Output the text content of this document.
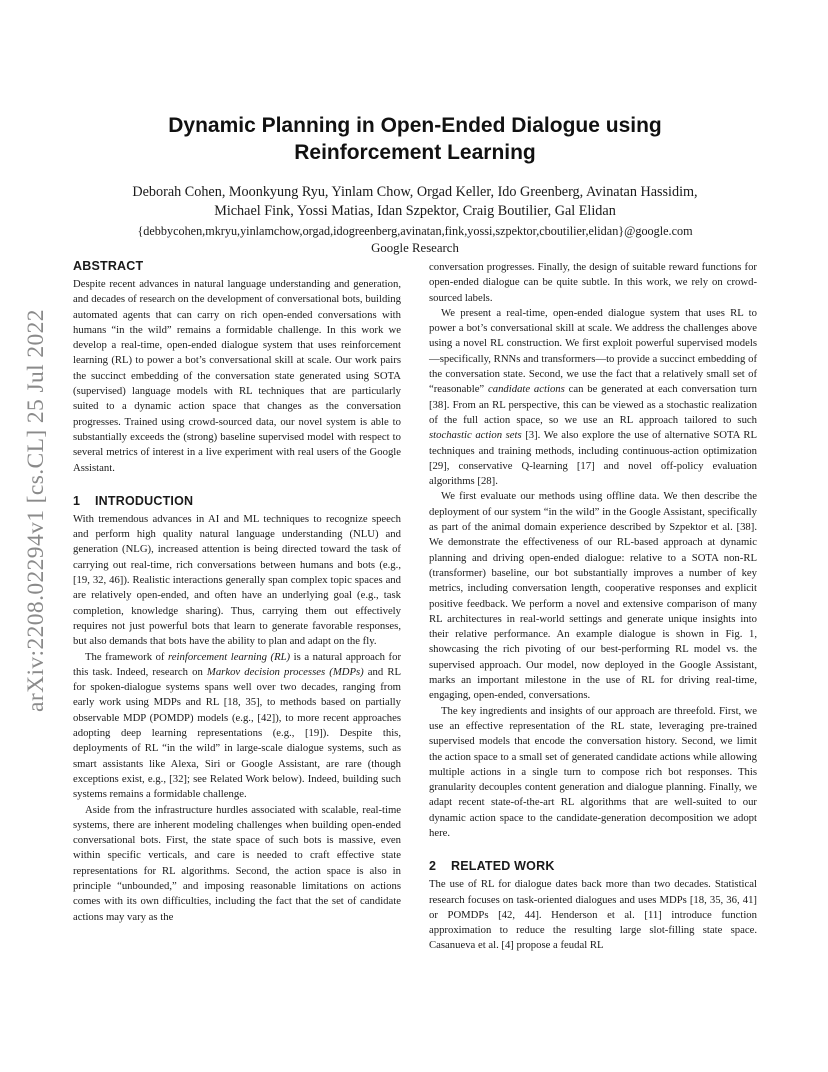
arXiv:2208.02294v1 [cs.CL] 25 Jul 2022
Dynamic Planning in Open-Ended Dialogue using
Reinforcement Learning
Deborah Cohen, Moonkyung Ryu, Yinlam Chow, Orgad Keller, Ido Greenberg, Avinatan Hassidim,
Michael Fink, Yossi Matias, Idan Szpektor, Craig Boutilier, Gal Elidan
{debbycohen,mkryu,yinlamchow,orgad,idogreenberg,avinatan,fink,yossi,szpektor,cboutilier,elidan}@google.com
Google Research
ABSTRACT

Despite recent advances in natural language understanding and generation, and decades of research on the development of conversational bots, building automated agents that can carry on rich open-ended conversations with humans “in the wild” remains a formidable challenge. In this work we develop a real-time, open-ended dialogue system that uses reinforcement learning (RL) to power a bot’s conversational skill at scale. Our work pairs the succinct embedding of the conversation state generated using SOTA (supervised) language models with RL techniques that are particularly suited to a dynamic action space that changes as the conversation progresses. Trained using crowd-sourced data, our novel system is able to substantially exceeds the (strong) baseline supervised model with respect to several metrics of interest in a live experiment with real users of the Google Assistant.

1 INTRODUCTION

With tremendous advances in AI and ML techniques to recognize speech and perform high quality natural language understanding (NLU) and generation (NLG), increased attention is being directed toward the task of carrying out real-time, rich conversations between humans and bots (e.g., [19, 32, 46]). Realistic interactions generally span complex topic spaces and are relatively open-ended, and often have an underlying goal (e.g., task completion, knowledge sharing). Thus, carrying them out effectively requires not just powerful bots that learn to generate favorable responses, but also demands that bots have the ability to plan and adapt on the fly.

The framework of reinforcement learning (RL) is a natural approach for this task. Indeed, research on Markov decision processes (MDPs) and RL for spoken-dialogue systems spans well over two decades, ranging from early work using MDPs and RL [18, 35], to methods based on partially observable MDP (POMDP) models (e.g., [42]), to more recent approaches adopting deep learning representations (e.g., [19]). Despite this, deployments of RL “in the wild” in large-scale dialogue systems, such as smart assistants like Alexa, Siri or Google Assistant, are rare (though exceptions exist, e.g., [32]; see Related Work below). Indeed, building such systems remains a formidable challenge.

Aside from the infrastructure hurdles associated with scalable, real-time systems, there are inherent modeling challenges when building open-ended conversational bots. First, the state space of such bots is massive, even within specific verticals, and care is needed to craft effective state representations for RL algorithms. Second, the action space is also in principle “unbounded,” and imposing reasonable limitations on actions comes with its own difficulties, including the fact that the set of candidate actions may vary as the

conversation progresses. Finally, the design of suitable reward functions for open-ended dialogue can be quite subtle. In this work, we rely on crowd-sourced labels.

We present a real-time, open-ended dialogue system that uses RL to power a bot’s conversational skill at scale. We address the challenges above using a novel RL construction. We first exploit powerful supervised models—specifically, RNNs and transformers—to provide a succinct embedding of the conversation state. Second, we use the fact that a relatively small set of “reasonable” candidate actions can be generated at each conversation turn [38]. From an RL perspective, this can be viewed as a stochastic realization of the full action space, so we use an RL approach tailored to such stochastic action sets [3]. We also explore the use of alternative SOTA RL techniques and training methods, including continuous-action optimization [29], conservative Q-learning [17] and novel off-policy evaluation algorithms [28].

We first evaluate our methods using offline data. We then describe the deployment of our system “in the wild” in the Google Assistant, specifically as part of the animal domain experience described by Szpektor et al. [38]. We demonstrate the effectiveness of our RL-based approach at dynamic planning and driving open-ended dialogue: relative to a SOTA non-RL (transformer) baseline, our bot substantially improves a number of key metrics, including conversation length, cooperative responses and explicit positive feedback. We perform a novel and extensive comparison of many RL architectures in real-world settings and generate unique insights into their relative performance. An example dialogue is shown in Fig. 1, showcasing the rich pivoting of our best-performing RL model vs. the supervised approach. Our model, now deployed in the Google Assistant, marks an important milestone in the use of RL for driving real-time, engaging, open-ended, conversations.

The key ingredients and insights of our approach are threefold. First, we use an effective representation of the RL state, leveraging pre-trained supervised models that encode the conversation history. Second, we limit the action space to a small set of generated candidate actions while allowing multiple actions in a single turn to compose rich bot responses. This granularity decouples content generation and dialogue planning. Finally, we adapt recent state-of-the-art RL algorithms that are well-suited to our dynamic action space to the candidate-generation decomposition we adopt here.

2 RELATED WORK

The use of RL for dialogue dates back more than two decades. Statistical research focuses on task-oriented dialogues and uses MDPs [18, 35, 36, 41] or POMDPs [42, 44]. Henderson et al. [11] introduce function approximation to reduce the resulting large slot-filling state space. Casanueva et al. [4] propose a feudal RL
